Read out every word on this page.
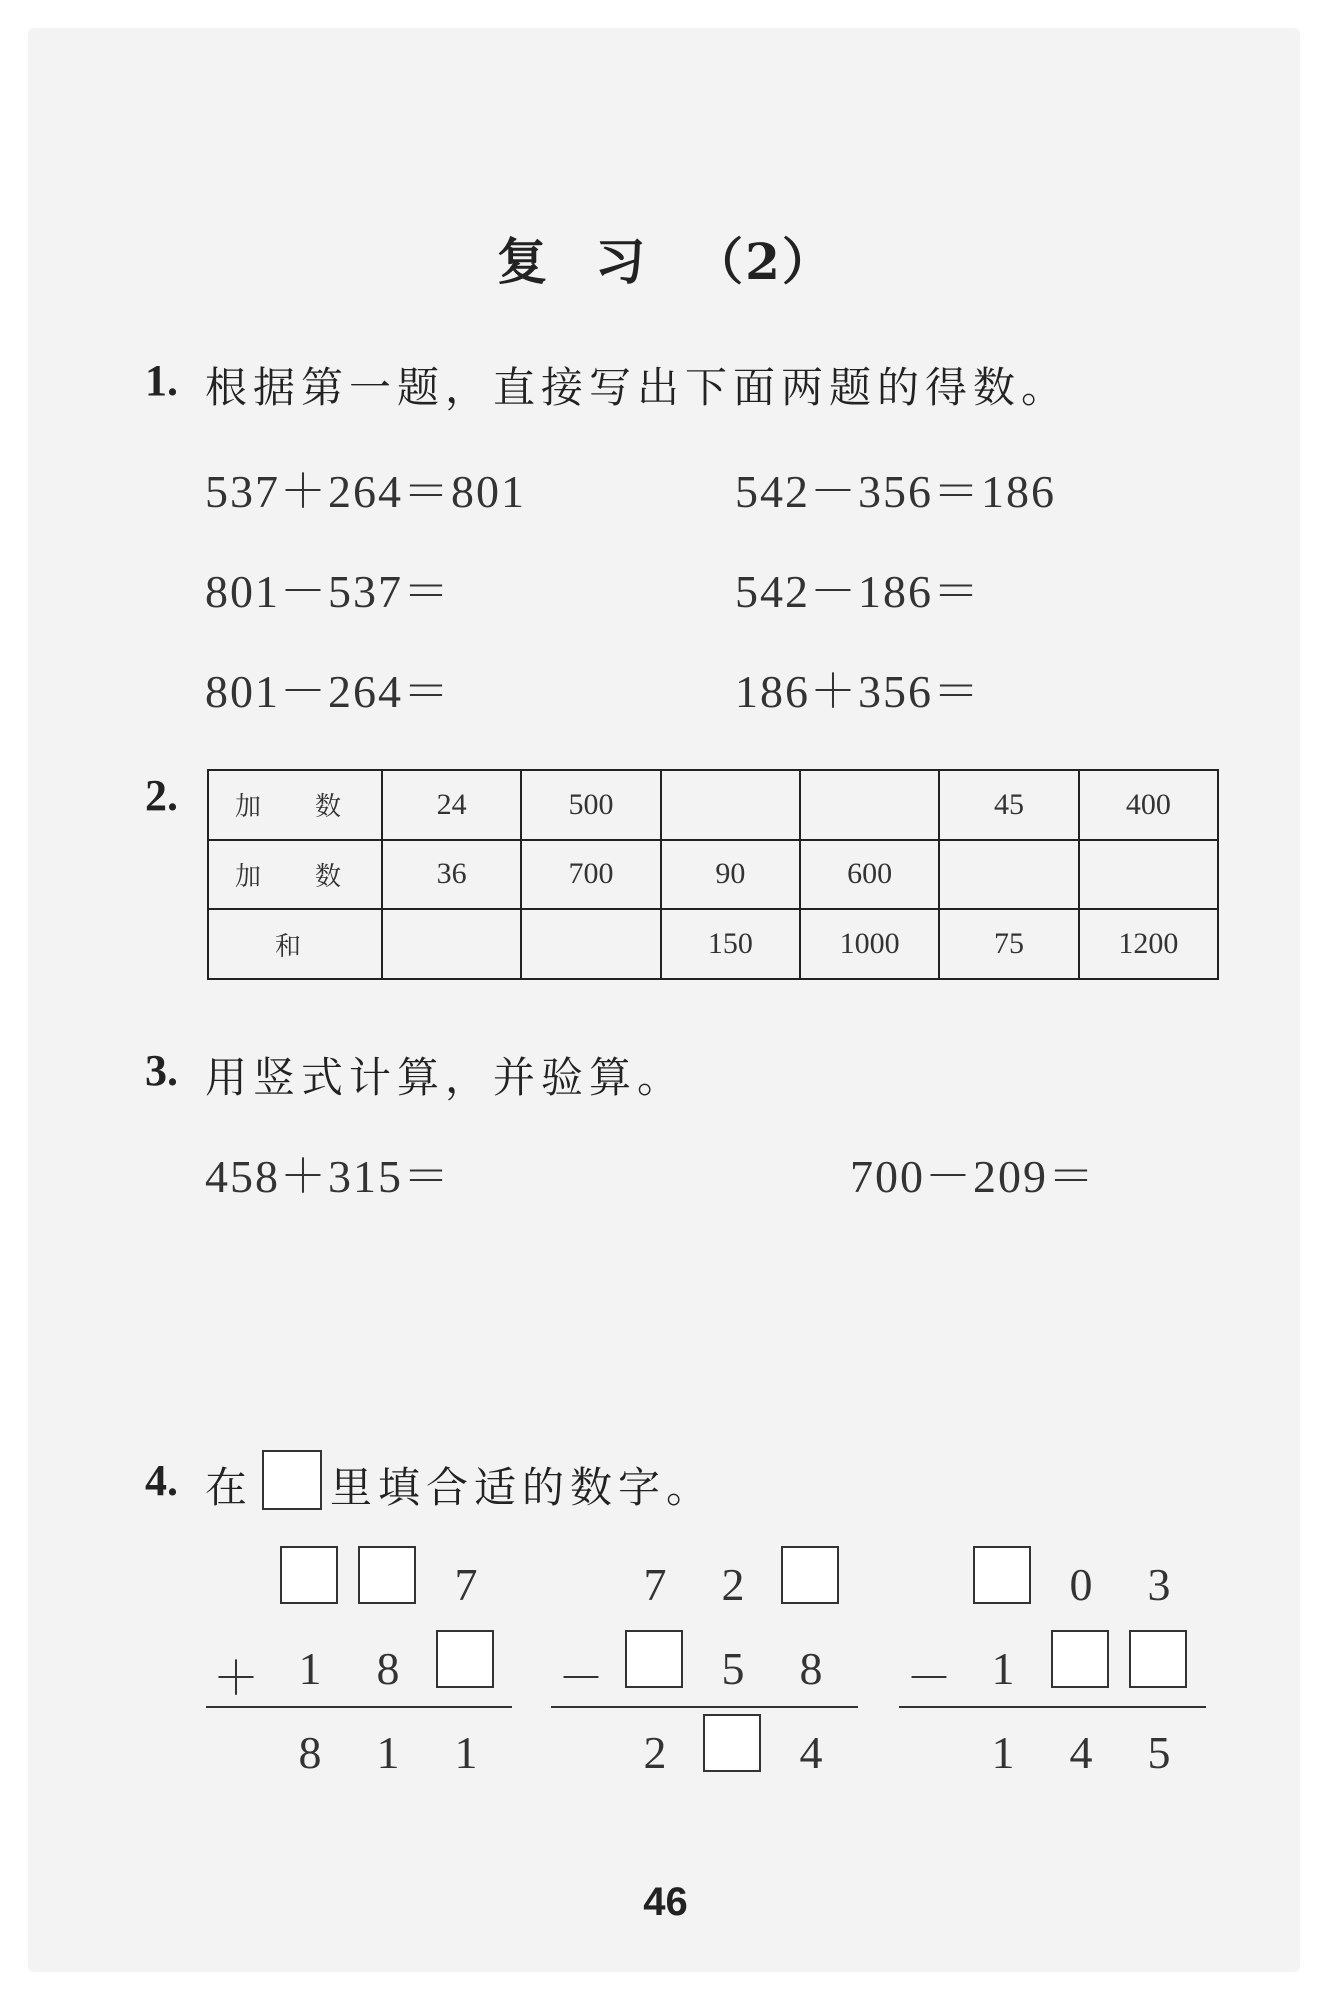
复 习 （2）
1. 根据第一题，直接写出下面两题的得数。
537＋264＝801
801－537＝
801－264＝
542－356＝186
542－186＝
186＋356＝
2. 加　数	24	500			45	400
加　数	36	700	90	600		
和			150	1000	75	1200
3. 用竖式计算，并验算。
458＋315＝	700－209＝
4. 在 里填合适的数字。
7
1 8
8 1 1
＋
7 2
5 8
2	4
－
0 3
1
1 4 5
－
46
